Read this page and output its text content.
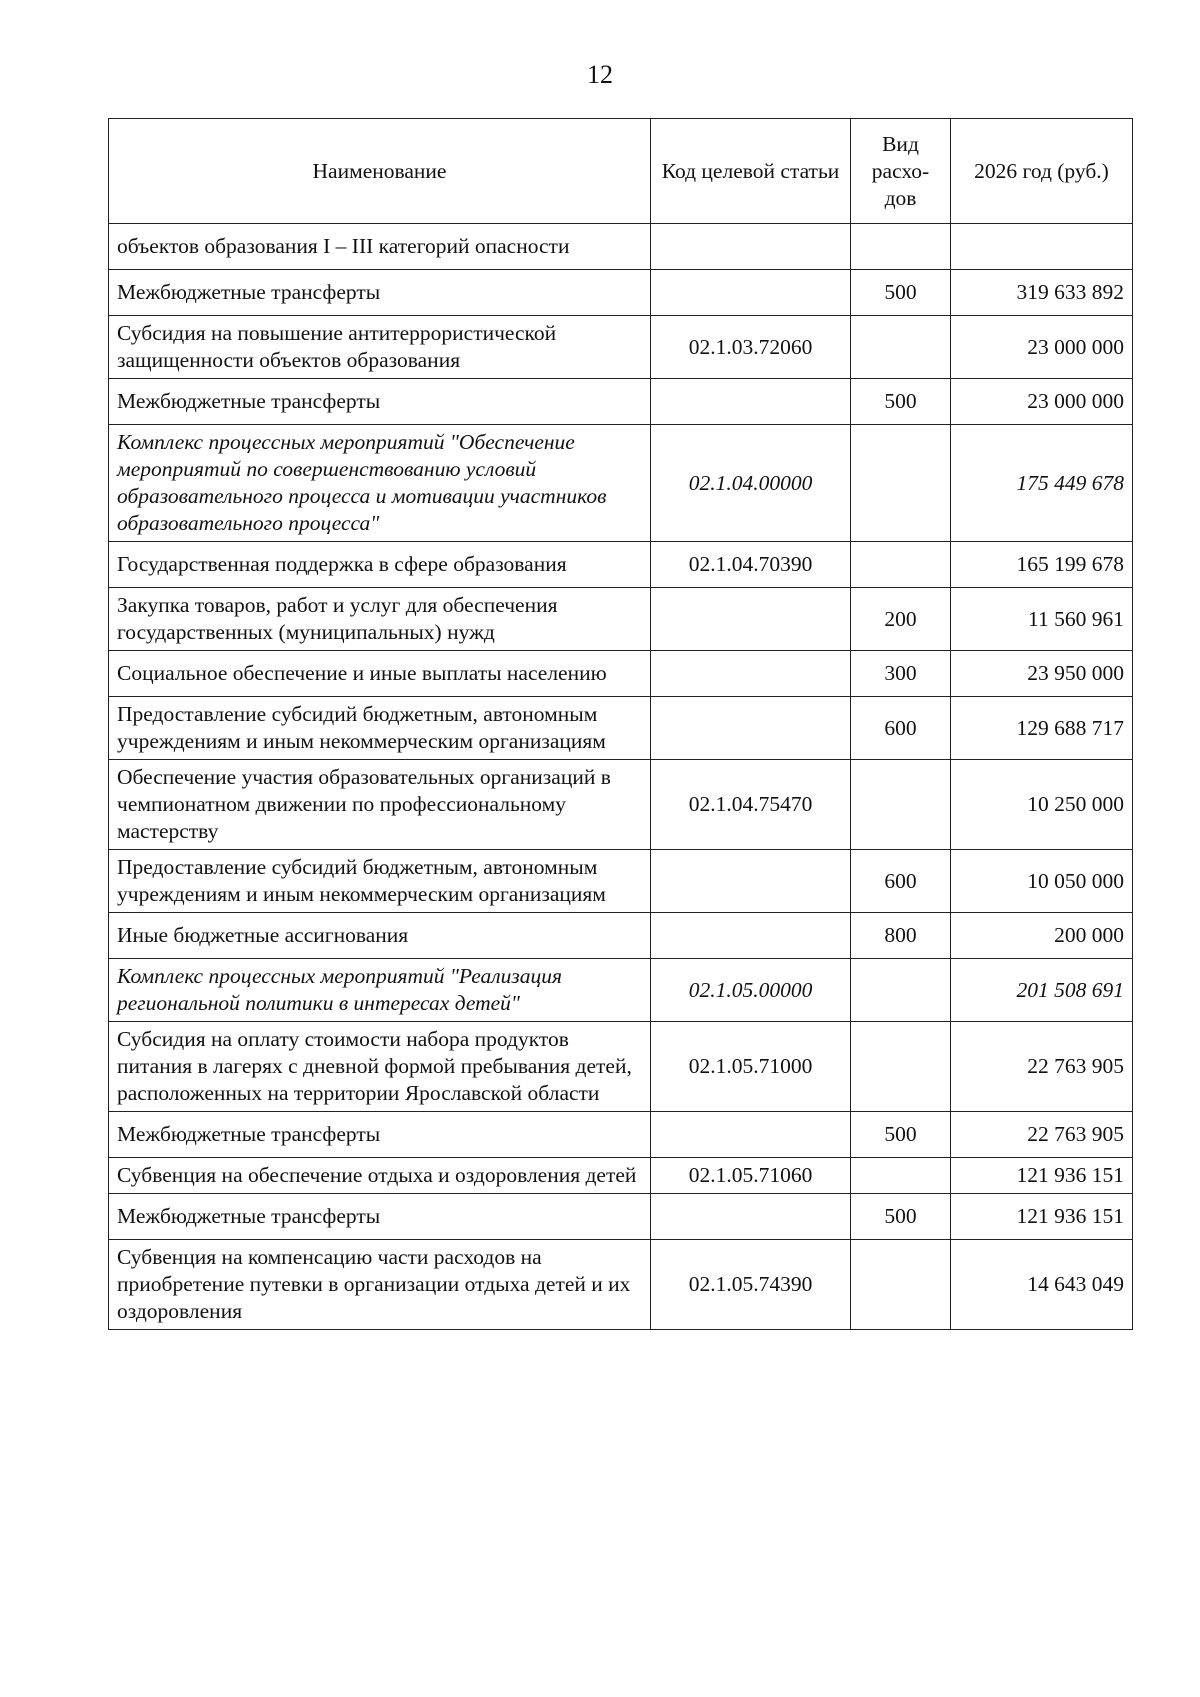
12
Наименование	Код целевой статьи	Вид расхо-дов	2026 год (руб.)
объектов образования I – III категорий опасности			
Межбюджетные трансферты		500	319 633 892
Субсидия на повышение антитеррористической защищенности объектов образования	02.1.03.72060		23 000 000
Межбюджетные трансферты		500	23 000 000
Комплекс процессных мероприятий "Обеспечение мероприятий по совершенствованию условий образовательного процесса и мотивации участников образовательного процесса"	02.1.04.00000		175 449 678
Государственная поддержка в сфере образования	02.1.04.70390		165 199 678
Закупка товаров, работ и услуг для обеспечения государственных (муниципальных) нужд		200	11 560 961
Социальное обеспечение и иные выплаты населению		300	23 950 000
Предоставление субсидий бюджетным, автономным учреждениям и иным некоммерческим организациям		600	129 688 717
Обеспечение участия образовательных организаций в чемпионатном движении по профессиональному мастерству	02.1.04.75470		10 250 000
Предоставление субсидий бюджетным, автономным учреждениям и иным некоммерческим организациям		600	10 050 000
Иные бюджетные ассигнования		800	200 000
Комплекс процессных мероприятий "Реализация региональной политики в интересах детей"	02.1.05.00000		201 508 691
Субсидия на оплату стоимости набора продуктов питания в лагерях с дневной формой пребывания детей, расположенных на территории Ярославской области	02.1.05.71000		22 763 905
Межбюджетные трансферты		500	22 763 905
Субвенция на обеспечение отдыха и оздоровления детей	02.1.05.71060		121 936 151
Межбюджетные трансферты		500	121 936 151
Субвенция на компенсацию части расходов на приобретение путевки в организации отдыха детей и их оздоровления	02.1.05.74390		14 643 049
